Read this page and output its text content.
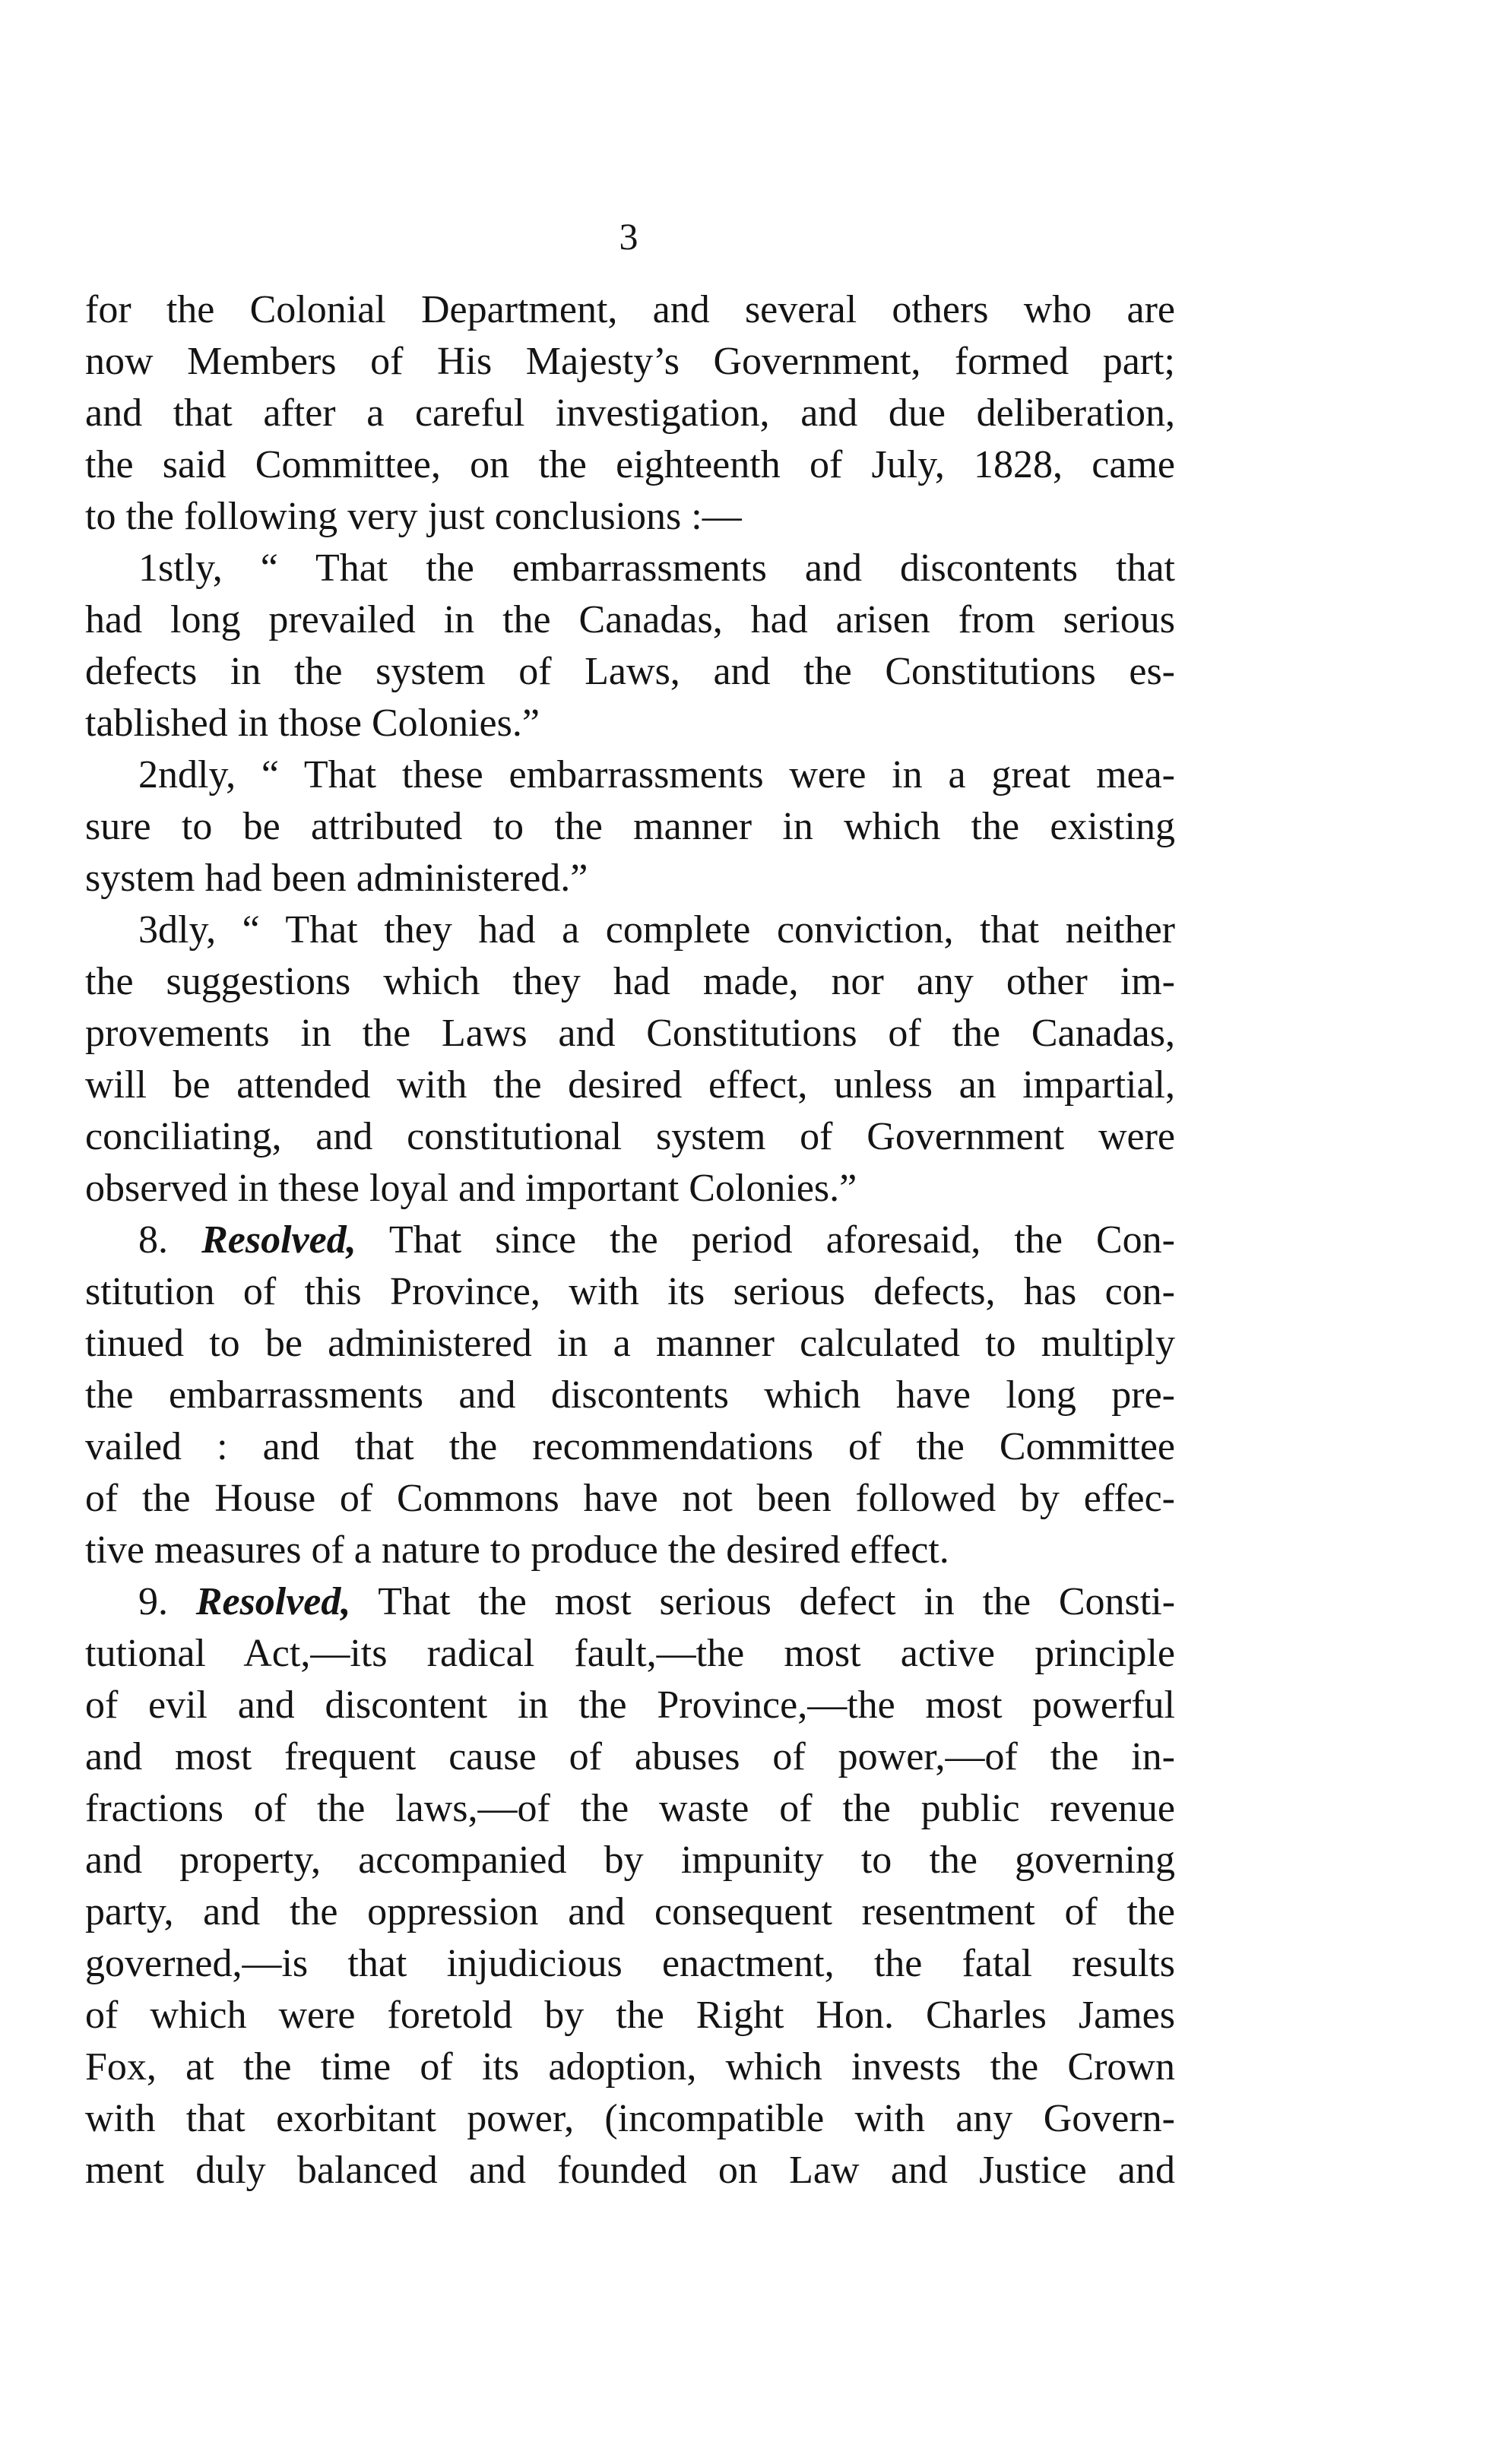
3
for the Colonial Department, and several others who are
now Members of His Majesty’s Government, formed part;
and that after a careful investigation, and due deliberation,
the said Committee, on the eighteenth of July, 1828, came
to the following very just conclusions :—
1stly, “ That the embarrassments and discontents that
had long prevailed in the Canadas, had arisen from serious
defects in the system of Laws, and the Constitutions es-
tablished in those Colonies.”
2ndly, “ That these embarrassments were in a great mea-
sure to be attributed to the manner in which the existing
system had been administered.”
3dly, “ That they had a complete conviction, that neither
the suggestions which they had made, nor any other im-
provements in the Laws and Constitutions of the Canadas,
will be attended with the desired effect, unless an impartial,
conciliating, and constitutional system of Government were
observed in these loyal and important Colonies.”
8. Resolved, That since the period aforesaid, the Con-
stitution of this Province, with its serious defects, has con-
tinued to be administered in a manner calculated to multiply
the embarrassments and discontents which have long pre-
vailed : and that the recommendations of the Committee
of the House of Commons have not been followed by effec-
tive measures of a nature to produce the desired effect.
9. Resolved, That the most serious defect in the Consti-
tutional Act,—its radical fault,—the most active principle
of evil and discontent in the Province,—the most powerful
and most frequent cause of abuses of power,—of the in-
fractions of the laws,—of the waste of the public revenue
and property, accompanied by impunity to the governing
party, and the oppression and consequent resentment of the
governed,—is that injudicious enactment, the fatal results
of which were foretold by the Right Hon. Charles James
Fox, at the time of its adoption, which invests the Crown
with that exorbitant power, (incompatible with any Govern-
ment duly balanced and founded on Law and Justice and
